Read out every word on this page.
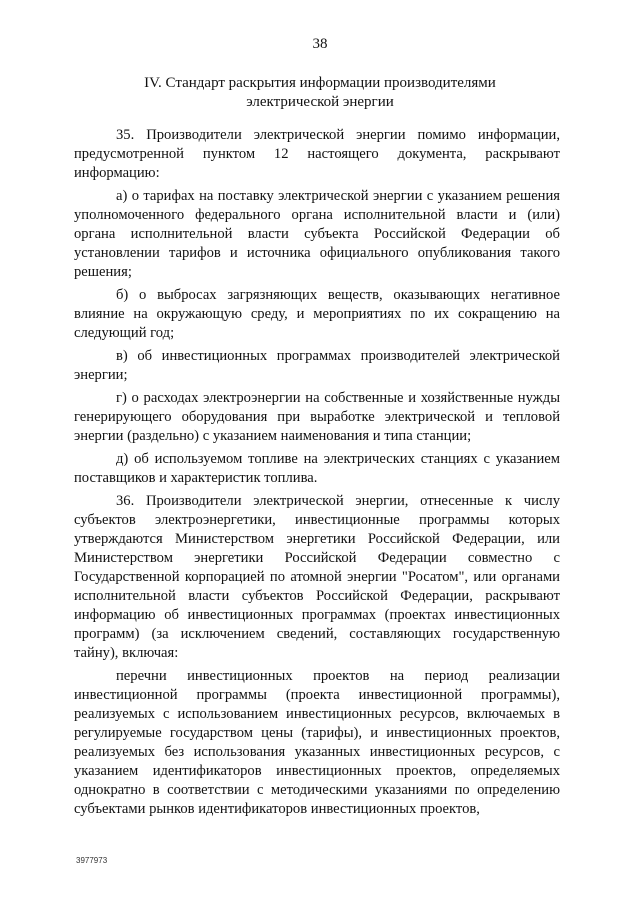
38
IV. Стандарт раскрытия информации производителями
электрической энергии

35. Производители электрической энергии помимо информации, предусмотренной пунктом 12 настоящего документа, раскрывают информацию:

а) о тарифах на поставку электрической энергии с указанием решения уполномоченного федерального органа исполнительной власти и (или) органа исполнительной власти субъекта Российской Федерации об установлении тарифов и источника официального опубликования такого решения;

б) о выбросах загрязняющих веществ, оказывающих негативное влияние на окружающую среду, и мероприятиях по их сокращению на следующий год;

в) об инвестиционных программах производителей электрической энергии;

г) о расходах электроэнергии на собственные и хозяйственные нужды генерирующего оборудования при выработке электрической и тепловой энергии (раздельно) с указанием наименования и типа станции;

д) об используемом топливе на электрических станциях с указанием поставщиков и характеристик топлива.

36. Производители электрической энергии, отнесенные к числу субъектов электроэнергетики, инвестиционные программы которых утверждаются Министерством энергетики Российской Федерации, или Министерством энергетики Российской Федерации совместно с Государственной корпорацией по атомной энергии "Росатом", или органами исполнительной власти субъектов Российской Федерации, раскрывают информацию об инвестиционных программах (проектах инвестиционных программ) (за исключением сведений, составляющих государственную тайну), включая:

перечни инвестиционных проектов на период реализации инвестиционной программы (проекта инвестиционной программы), реализуемых с использованием инвестиционных ресурсов, включаемых в регулируемые государством цены (тарифы), и инвестиционных проектов, реализуемых без использования указанных инвестиционных ресурсов, с указанием идентификаторов инвестиционных проектов, определяемых однократно в соответствии с методическими указаниями по определению субъектами рынков идентификаторов инвестиционных проектов,

3977973
